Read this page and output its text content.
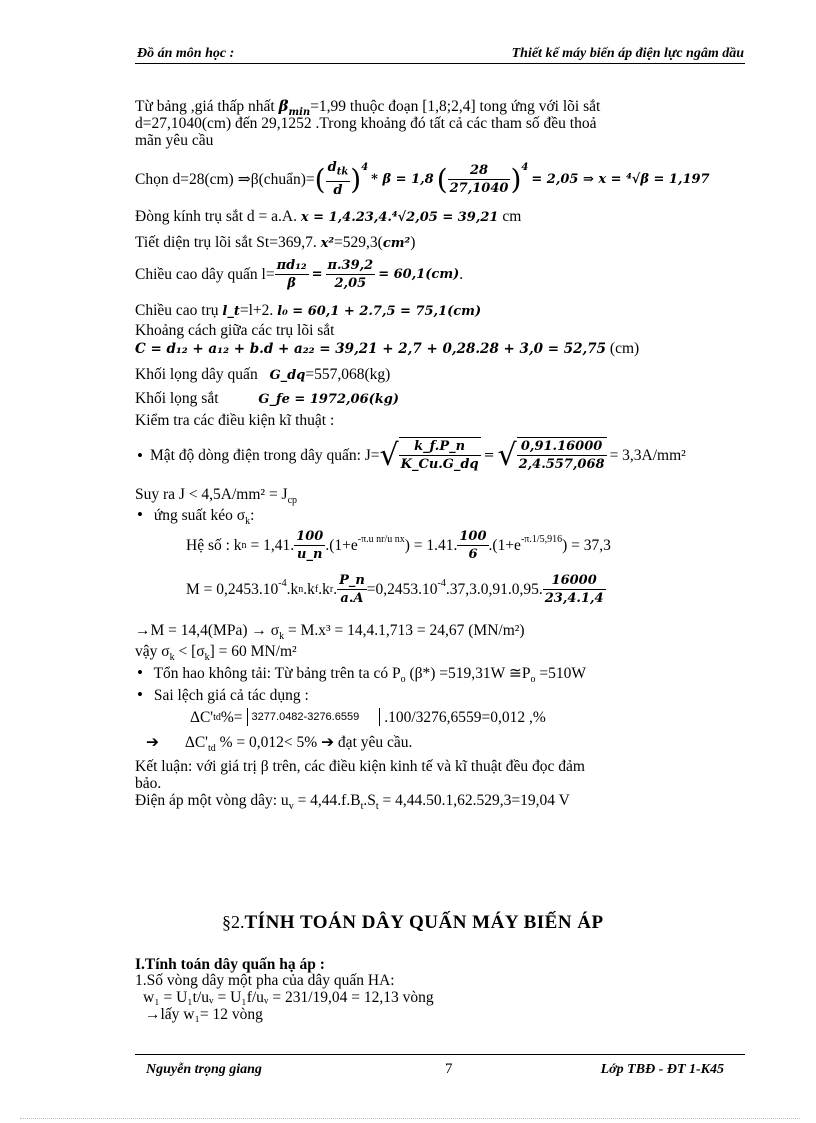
Đồ án môn học :	Thiết kế máy biến áp điện lực ngâm dầu
Từ bảng ,giá thấp nhất $\beta_{min}=1,99$ thuộc đoạn [1,8;2,4] tong ứng với lõi sắt
d=27,1040(cm) đến 29,1252 .Trong khoảng đó tất cả các tham số đều thoả
mãn yêu cầu
Chọn d=28(cm) ⇒β(chuẩn)= ( $\frac{d_{tk}}{d} )^4$
* β = 1,8 ( $\frac{28}{27,1040} )^4$
= 2,05 ⇒ x = ⁴√β = 1,197
Đòng kính trụ sắt d = a.A. x = 1,4.23,4.⁴√2,05 = 39,21 cm
Tiết diện trụ lõi sắt St=369,7. x²=529,3(cm²)
Chiều cao dây quấn $l= \frac{\text{πd₁₂}}{\beta} = \frac{\pi.39,2}{2,05} = 60,1(cm)$ .
Chiều cao trụ l_t=l+2. l₀ = 60,1 + 2.7,5 = 75,1(cm)
Khoảng cách giữa các trụ lõi sắt
C = d₁₂ + a₁₂ + b.d + a₂₂ = 39,21 + 2,7 + 0,28.28 + 3,0 = 52,75 (cm)
Khối lọng dây quấn G_dq=557,068(kg)
Khối lọng sắt	G_fe = 1972,06(kg)
Kiểm tra các điều kiện kĩ thuật :
• Mật độ dòng điện trong dây quấn: J= √ $\frac{k\_f.P\_n}{K\_Cu.G\_dq}$ = √ $\frac{0,91.16000}{2,4.557,068} = 3,3A/mm^2$
Suy ra $J < 4,5A/mm^2 = J_{cp}$
• ứng suất kéo $\sigma_k$:
Hệ số : k n = 1,41. $\frac{100}{u\_n} .(1+e^{-\pi.u nr/u nx}$ ) = 1.41. $\frac{100}{6} .(1+e^{-\pi.1/5,916}$ ) = 37,3
$M = 0,2453.10^{-4}$ .k n .k f .k r . $\frac{P\_n}{a.A} =0,2453.10^{-4}$ .37,3.0,91.0,95. $\frac{16000}{23,4.1,4}$
$\to M = 14,4(MPa) \to \sigma_k = M.x^3 = 14,4.1,713 = 24,67$ (MN/m²)
vậy $\sigma_k < [\sigma_k] = 60$ MN/m²
• Tổn hao không tải: Từ bảng trên ta có $P_o$ (β*) =519,31W $≅P_o =510W$
• Sai lệch giá cả tác dụng :
ΔC' td %= 3277.0482-3276.6559	.100/3276,6559=0,012 ,%
➔ $\Delta C'_{td}$ % = 0,012< 5% ➔ đạt yêu cầu.
Kết luận: với giá trị β trên, các điều kiện kinh tế và kĩ thuật đều đọc đảm
bảo.
Điện áp một vòng dây: $u_v = 4,44.f.B_t.S_t = 4,44.50.1,62.529,3=19,04$ V
§2.TÍNH TOÁN DÂY QUẤN MÁY BIẾN ÁP
I.Tính toán dây quấn hạ áp :
1.Số vòng dây một pha của dây quấn HA:
w₁ = U₁t/uᵥ = U₁f/uᵥ = 231/19,04 = 12,13 vòng
→lấy w₁= 12 vòng
Nguyễn trọng giang	7	Lớp TBĐ - ĐT 1-K45
